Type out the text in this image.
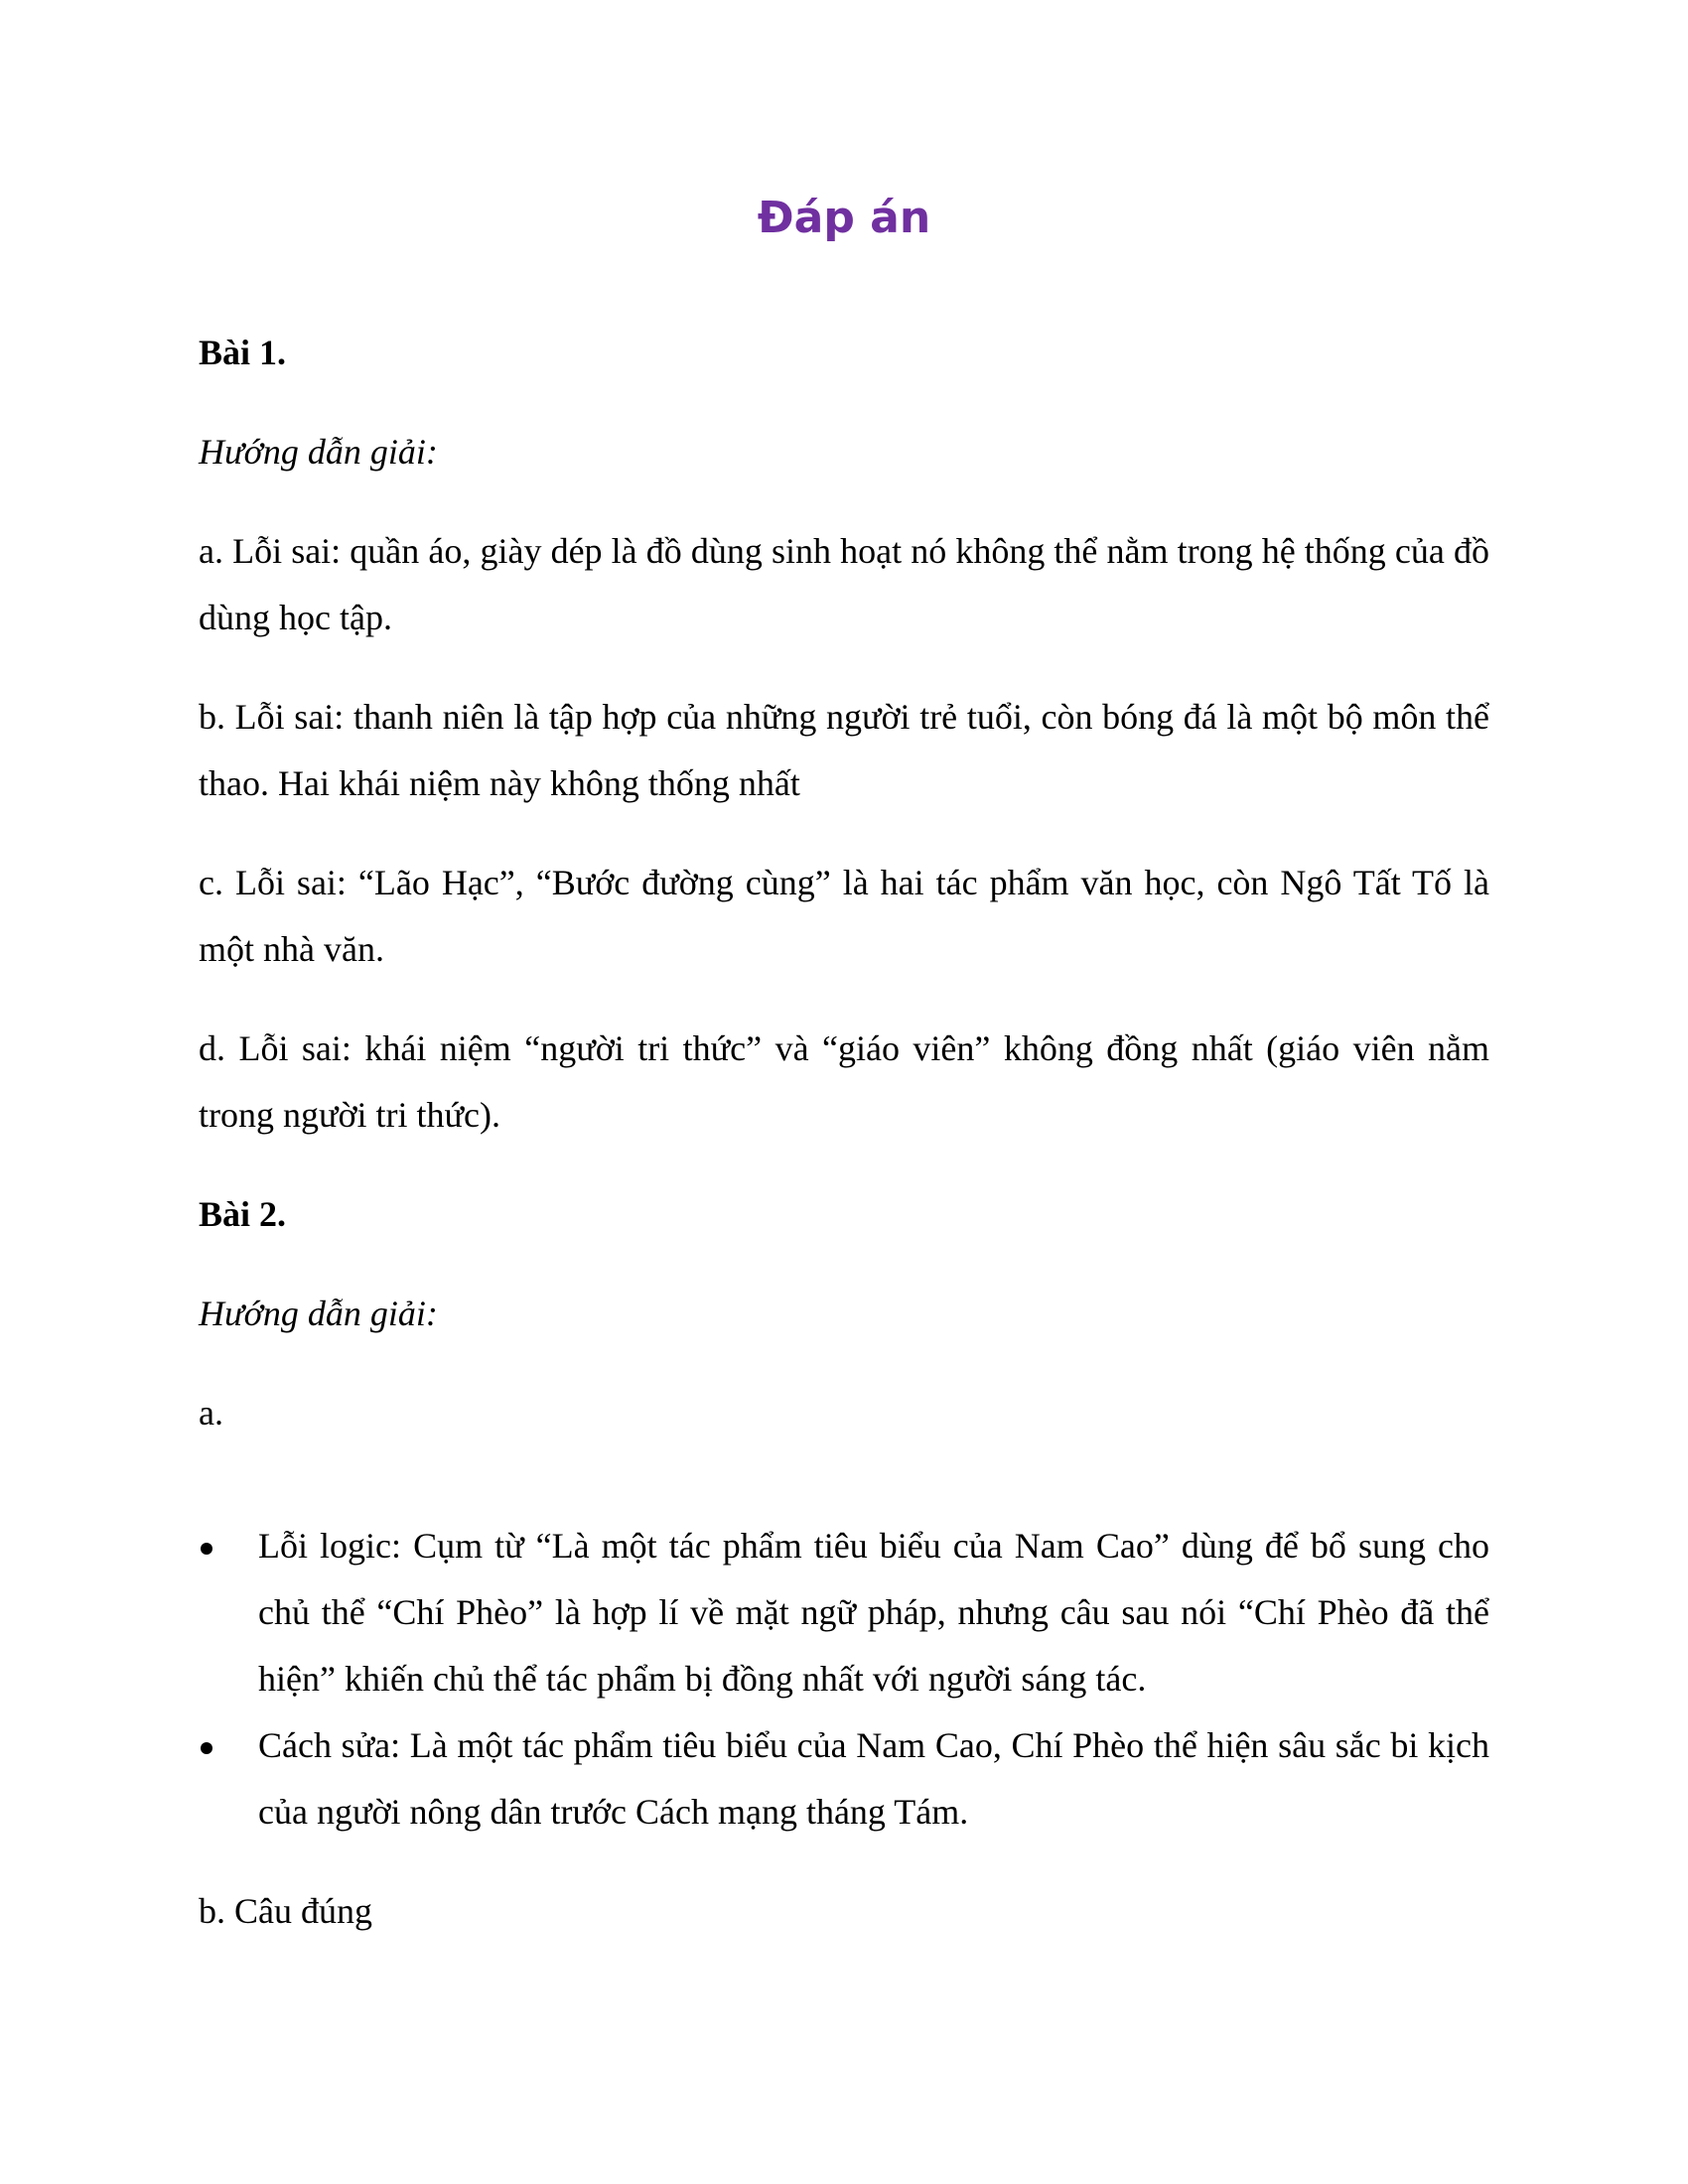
Đáp án

Bài 1.

Hướng dẫn giải:

a. Lỗi sai: quần áo, giày dép là đồ dùng sinh hoạt nó không thể nằm trong hệ thống của đồ dùng học tập.

b. Lỗi sai: thanh niên là tập hợp của những người trẻ tuổi, còn bóng đá là một bộ môn thể thao. Hai khái niệm này không thống nhất

c. Lỗi sai: “Lão Hạc”, “Bước đường cùng” là hai tác phẩm văn học, còn Ngô Tất Tố là một nhà văn.

d. Lỗi sai: khái niệm “người tri thức” và “giáo viên” không đồng nhất (giáo viên nằm trong người tri thức).

Bài 2.

Hướng dẫn giải:

a.

Lỗi logic: Cụm từ “Là một tác phẩm tiêu biểu của Nam Cao” dùng để bổ sung cho chủ thể “Chí Phèo” là hợp lí về mặt ngữ pháp, nhưng câu sau nói “Chí Phèo đã thể hiện” khiến chủ thể tác phẩm bị đồng nhất với người sáng tác.
Cách sửa: Là một tác phẩm tiêu biểu của Nam Cao, Chí Phèo thể hiện sâu sắc bi kịch của người nông dân trước Cách mạng tháng Tám.

b. Câu đúng
